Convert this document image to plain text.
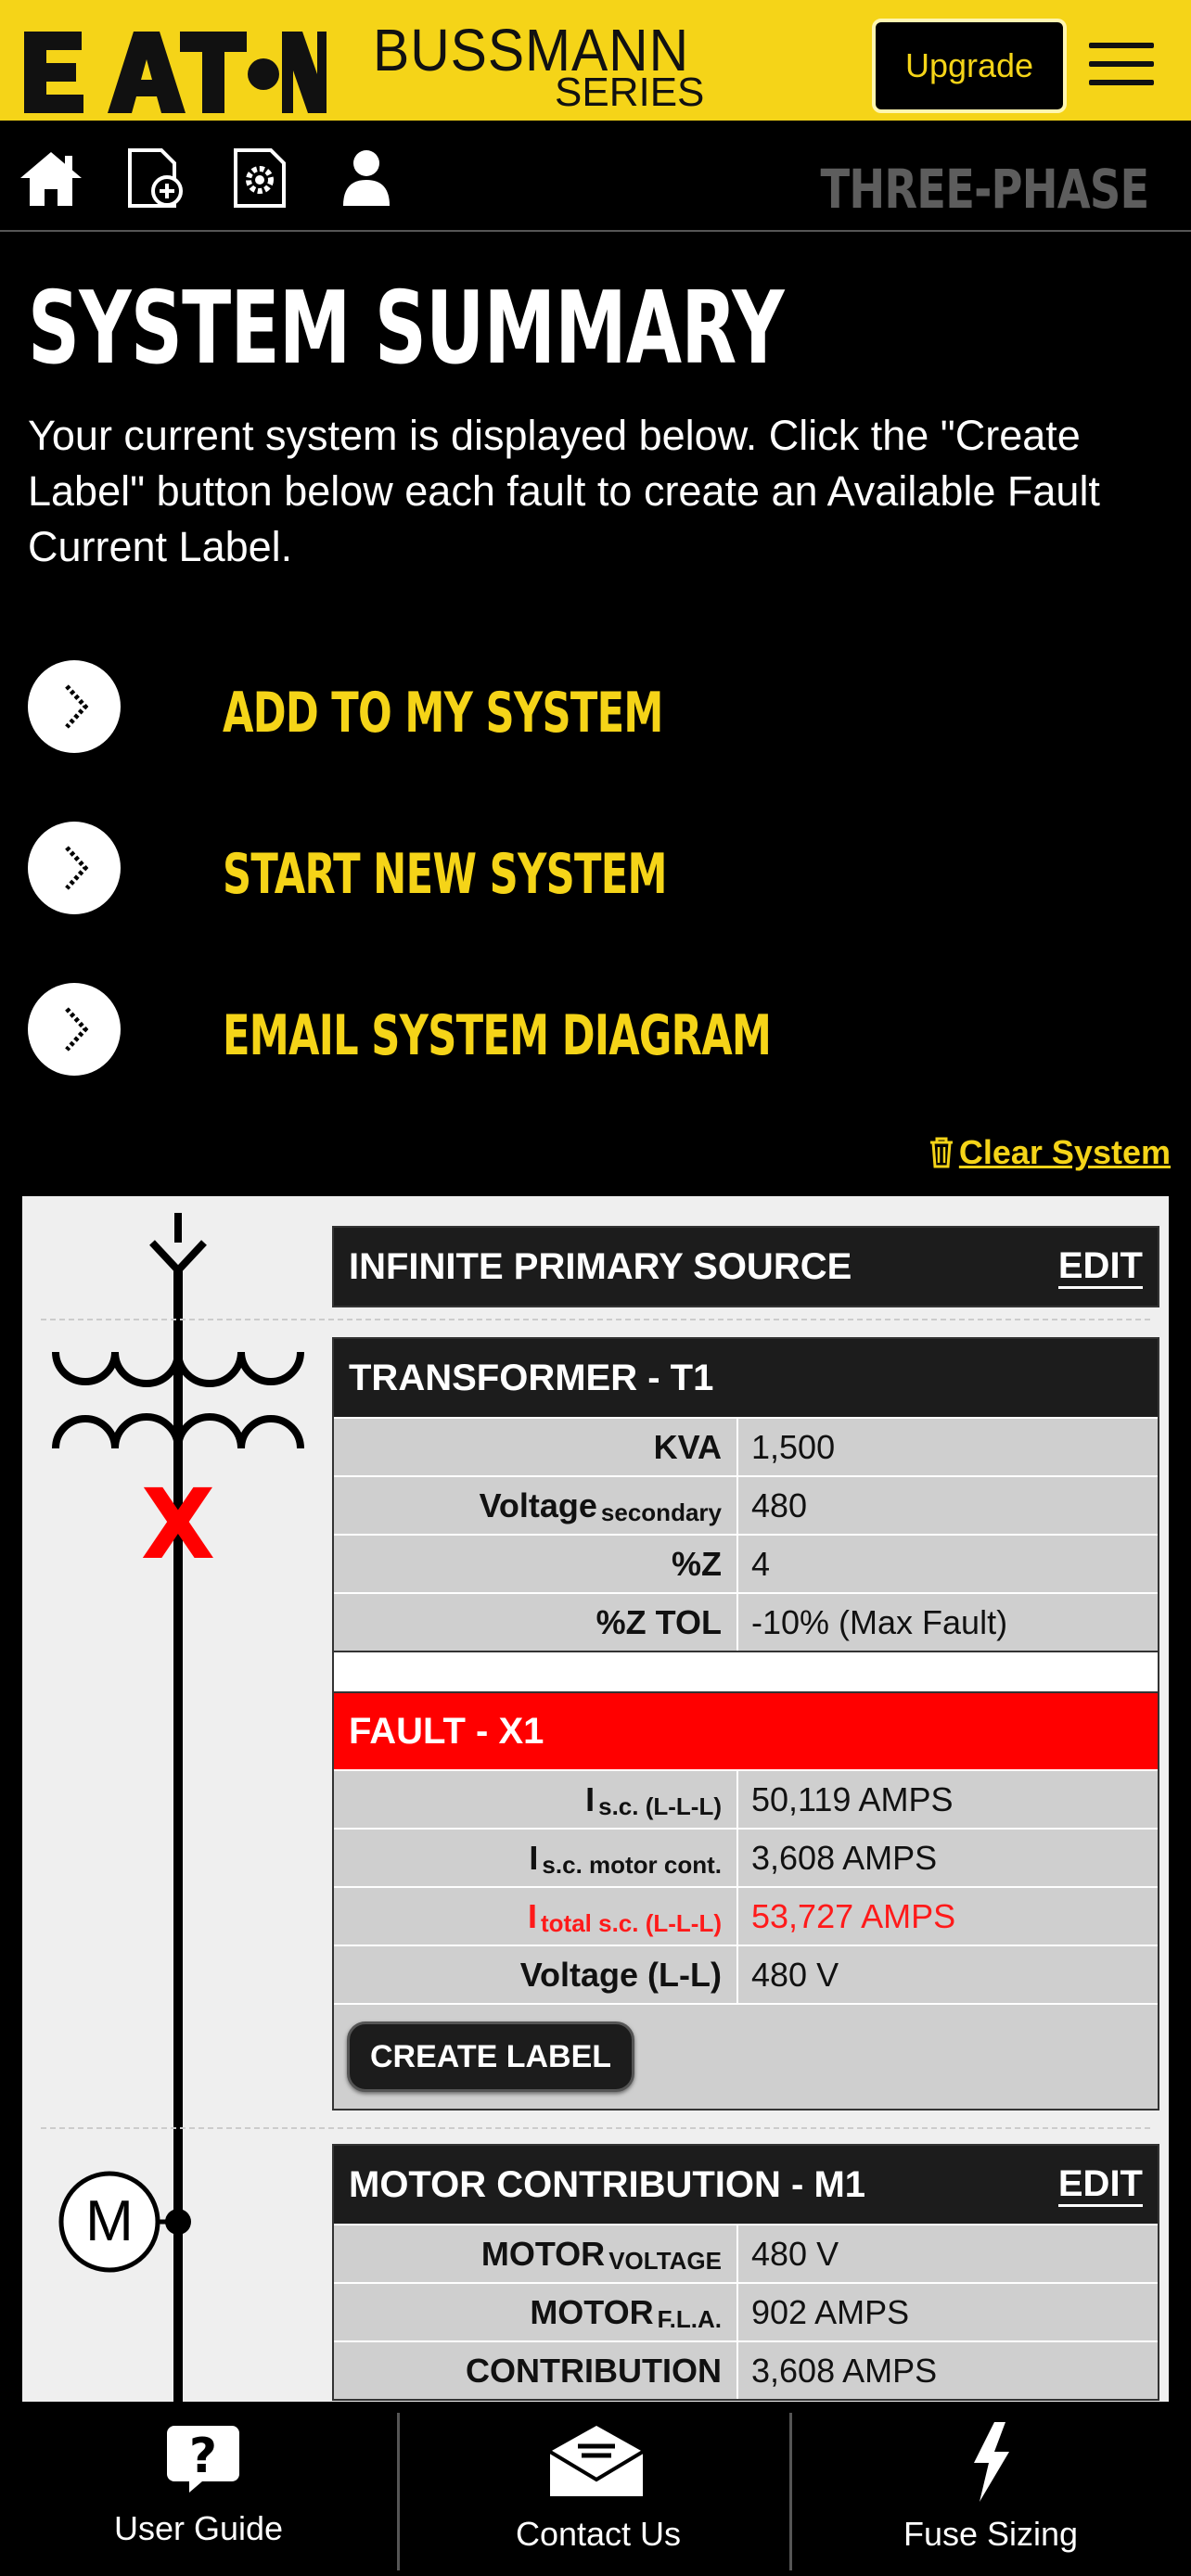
BUSSMANN
SERIES
Upgrade
THREE-PHASE
SYSTEM SUMMARY
Your current system is displayed below. Click the "Create Label" button below each fault to create an Available Fault Current Label.
ADD TO MY SYSTEM
START NEW SYSTEM
EMAIL SYSTEM DIAGRAM
Clear System
X
M
INFINITE PRIMARY SOURCE	EDIT
TRANSFORMER - T1
KVA 1,500
Voltage secondary 480
%Z 4
%Z TOL -10% (Max Fault)
FAULT - X1
I s.c. (L-L-L) 50,119 AMPS
I s.c. motor cont. 3,608 AMPS
I total s.c. (L-L-L) 53,727 AMPS
Voltage (L-L) 480 V
CREATE LABEL
MOTOR CONTRIBUTION - M1	EDIT
MOTOR VOLTAGE 480 V
MOTOR F.L.A. 902 AMPS
CONTRIBUTION 3,608 AMPS
?
User Guide	Contact Us	Fuse Sizing
